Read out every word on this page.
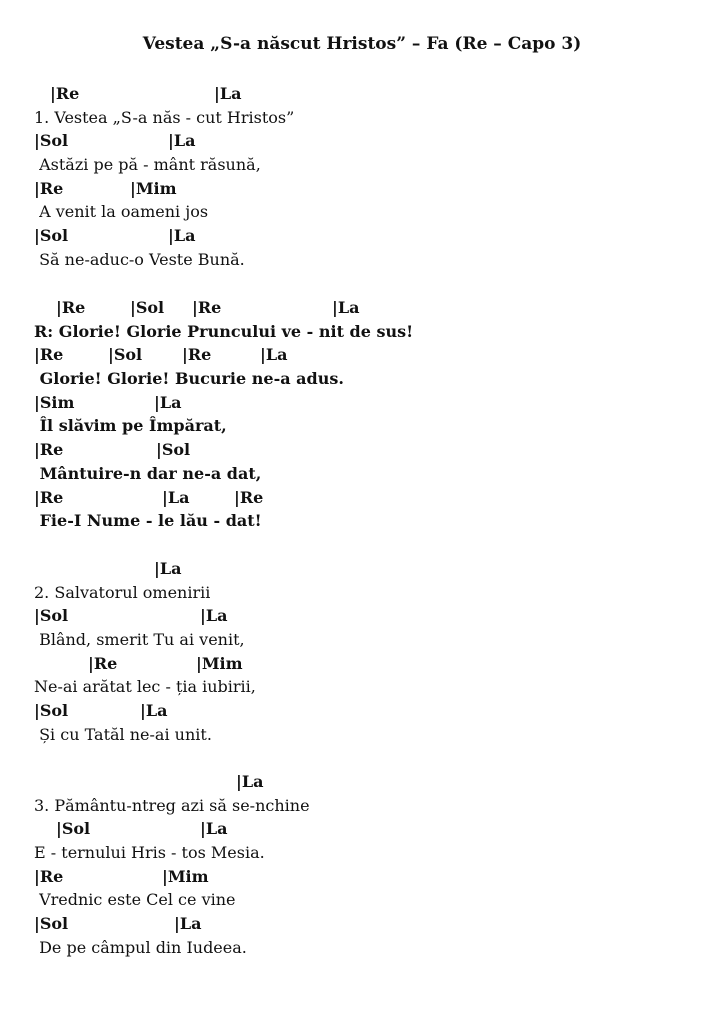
Vestea „S-a născut Hristos” – Fa (Re – Capo 3)
|Re	|La
1. Vestea „S-a năs - cut Hristos”
|Sol	|La
Astăzi pe pă - mânt răsună,
|Re	|Mim
A venit la oameni jos
|Sol	|La
Să ne-aduc-o Veste Bună.
|Re	|Sol |Re	|La
R: Glorie! Glorie Pruncului ve - nit de sus!
|Re	|Sol |Re	|La
Glorie! Glorie! Bucurie ne-a adus.
|Sim	|La
Îl slăvim pe Împărat,
|Re	|Sol
Mântuire-n dar ne-a dat,
|Re	|La	|Re
Fie-I Nume - le lău - dat!
|La
2. Salvatorul omenirii
|Sol	|La
Blând, smerit Tu ai venit,
|Re	|Mim
Ne-ai arătat lec - ția iubirii,
|Sol	|La
Și cu Tatăl ne-ai unit.
|La
3. Pământu-ntreg azi să se-nchine
|Sol	|La
E - ternului Hris - tos Mesia.
|Re	|Mim
Vrednic este Cel ce vine
|Sol	|La
De pe câmpul din Iudeea.
